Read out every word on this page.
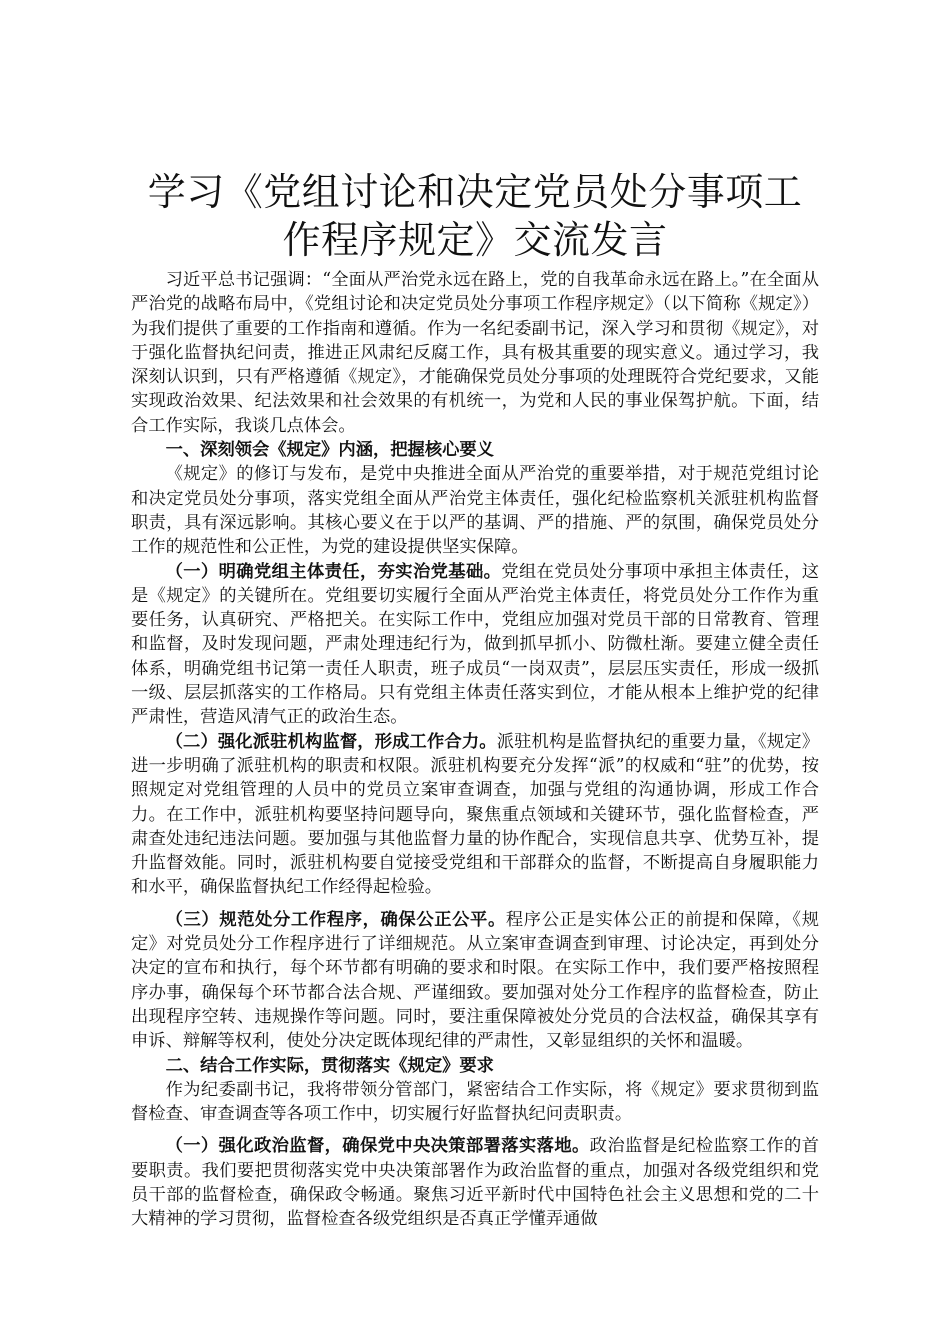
学习《党组讨论和决定党员处分事项工作程序规定》交流发言

习近平总书记强调：“全面从严治党永远在路上，党的自我革命永远在路上。”在全面从严治党的战略布局中，《党组讨论和决定党员处分事项工作程序规定》（以下简称《规定》）为我们提供了重要的工作指南和遵循。作为一名纪委副书记，深入学习和贯彻《规定》，对于强化监督执纪问责，推进正风肃纪反腐工作，具有极其重要的现实意义。通过学习，我深刻认识到，只有严格遵循《规定》，才能确保党员处分事项的处理既符合党纪要求，又能实现政治效果、纪法效果和社会效果的有机统一，为党和人民的事业保驾护航。下面，结合工作实际，我谈几点体会。

一、深刻领会《规定》内涵，把握核心要义

《规定》的修订与发布，是党中央推进全面从严治党的重要举措，对于规范党组讨论和决定党员处分事项，落实党组全面从严治党主体责任，强化纪检监察机关派驻机构监督职责，具有深远影响。其核心要义在于以严的基调、严的措施、严的氛围，确保党员处分工作的规范性和公正性，为党的建设提供坚实保障。

（一）明确党组主体责任，夯实治党基础。党组在党员处分事项中承担主体责任，这是《规定》的关键所在。党组要切实履行全面从严治党主体责任，将党员处分工作作为重要任务，认真研究、严格把关。在实际工作中，党组应加强对党员干部的日常教育、管理和监督，及时发现问题，严肃处理违纪行为，做到抓早抓小、防微杜渐。要建立健全责任体系，明确党组书记第一责任人职责，班子成员“一岗双责”，层层压实责任，形成一级抓一级、层层抓落实的工作格局。只有党组主体责任落实到位，才能从根本上维护党的纪律严肃性，营造风清气正的政治生态。

（二）强化派驻机构监督，形成工作合力。派驻机构是监督执纪的重要力量，《规定》进一步明确了派驻机构的职责和权限。派驻机构要充分发挥“派”的权威和“驻”的优势，按照规定对党组管理的人员中的党员立案审查调查，加强与党组的沟通协调，形成工作合力。在工作中，派驻机构要坚持问题导向，聚焦重点领域和关键环节，强化监督检查，严肃查处违纪违法问题。要加强与其他监督力量的协作配合，实现信息共享、优势互补，提升监督效能。同时，派驻机构要自觉接受党组和干部群众的监督，不断提高自身履职能力和水平，确保监督执纪工作经得起检验。

（三）规范处分工作程序，确保公正公平。程序公正是实体公正的前提和保障，《规定》对党员处分工作程序进行了详细规范。从立案审查调查到审理、讨论决定，再到处分决定的宣布和执行，每个环节都有明确的要求和时限。在实际工作中，我们要严格按照程序办事，确保每个环节都合法合规、严谨细致。要加强对处分工作程序的监督检查，防止出现程序空转、违规操作等问题。同时，要注重保障被处分党员的合法权益，确保其享有申诉、辩解等权利，使处分决定既体现纪律的严肃性，又彰显组织的关怀和温暖。

二、结合工作实际，贯彻落实《规定》要求

作为纪委副书记，我将带领分管部门，紧密结合工作实际，将《规定》要求贯彻到监督检查、审查调查等各项工作中，切实履行好监督执纪问责职责。

（一）强化政治监督，确保党中央决策部署落实落地。政治监督是纪检监察工作的首要职责。我们要把贯彻落实党中央决策部署作为政治监督的重点，加强对各级党组织和党员干部的监督检查，确保政令畅通。聚焦习近平新时代中国特色社会主义思想和党的二十大精神的学习贯彻，监督检查各级党组织是否真正学懂弄通做
